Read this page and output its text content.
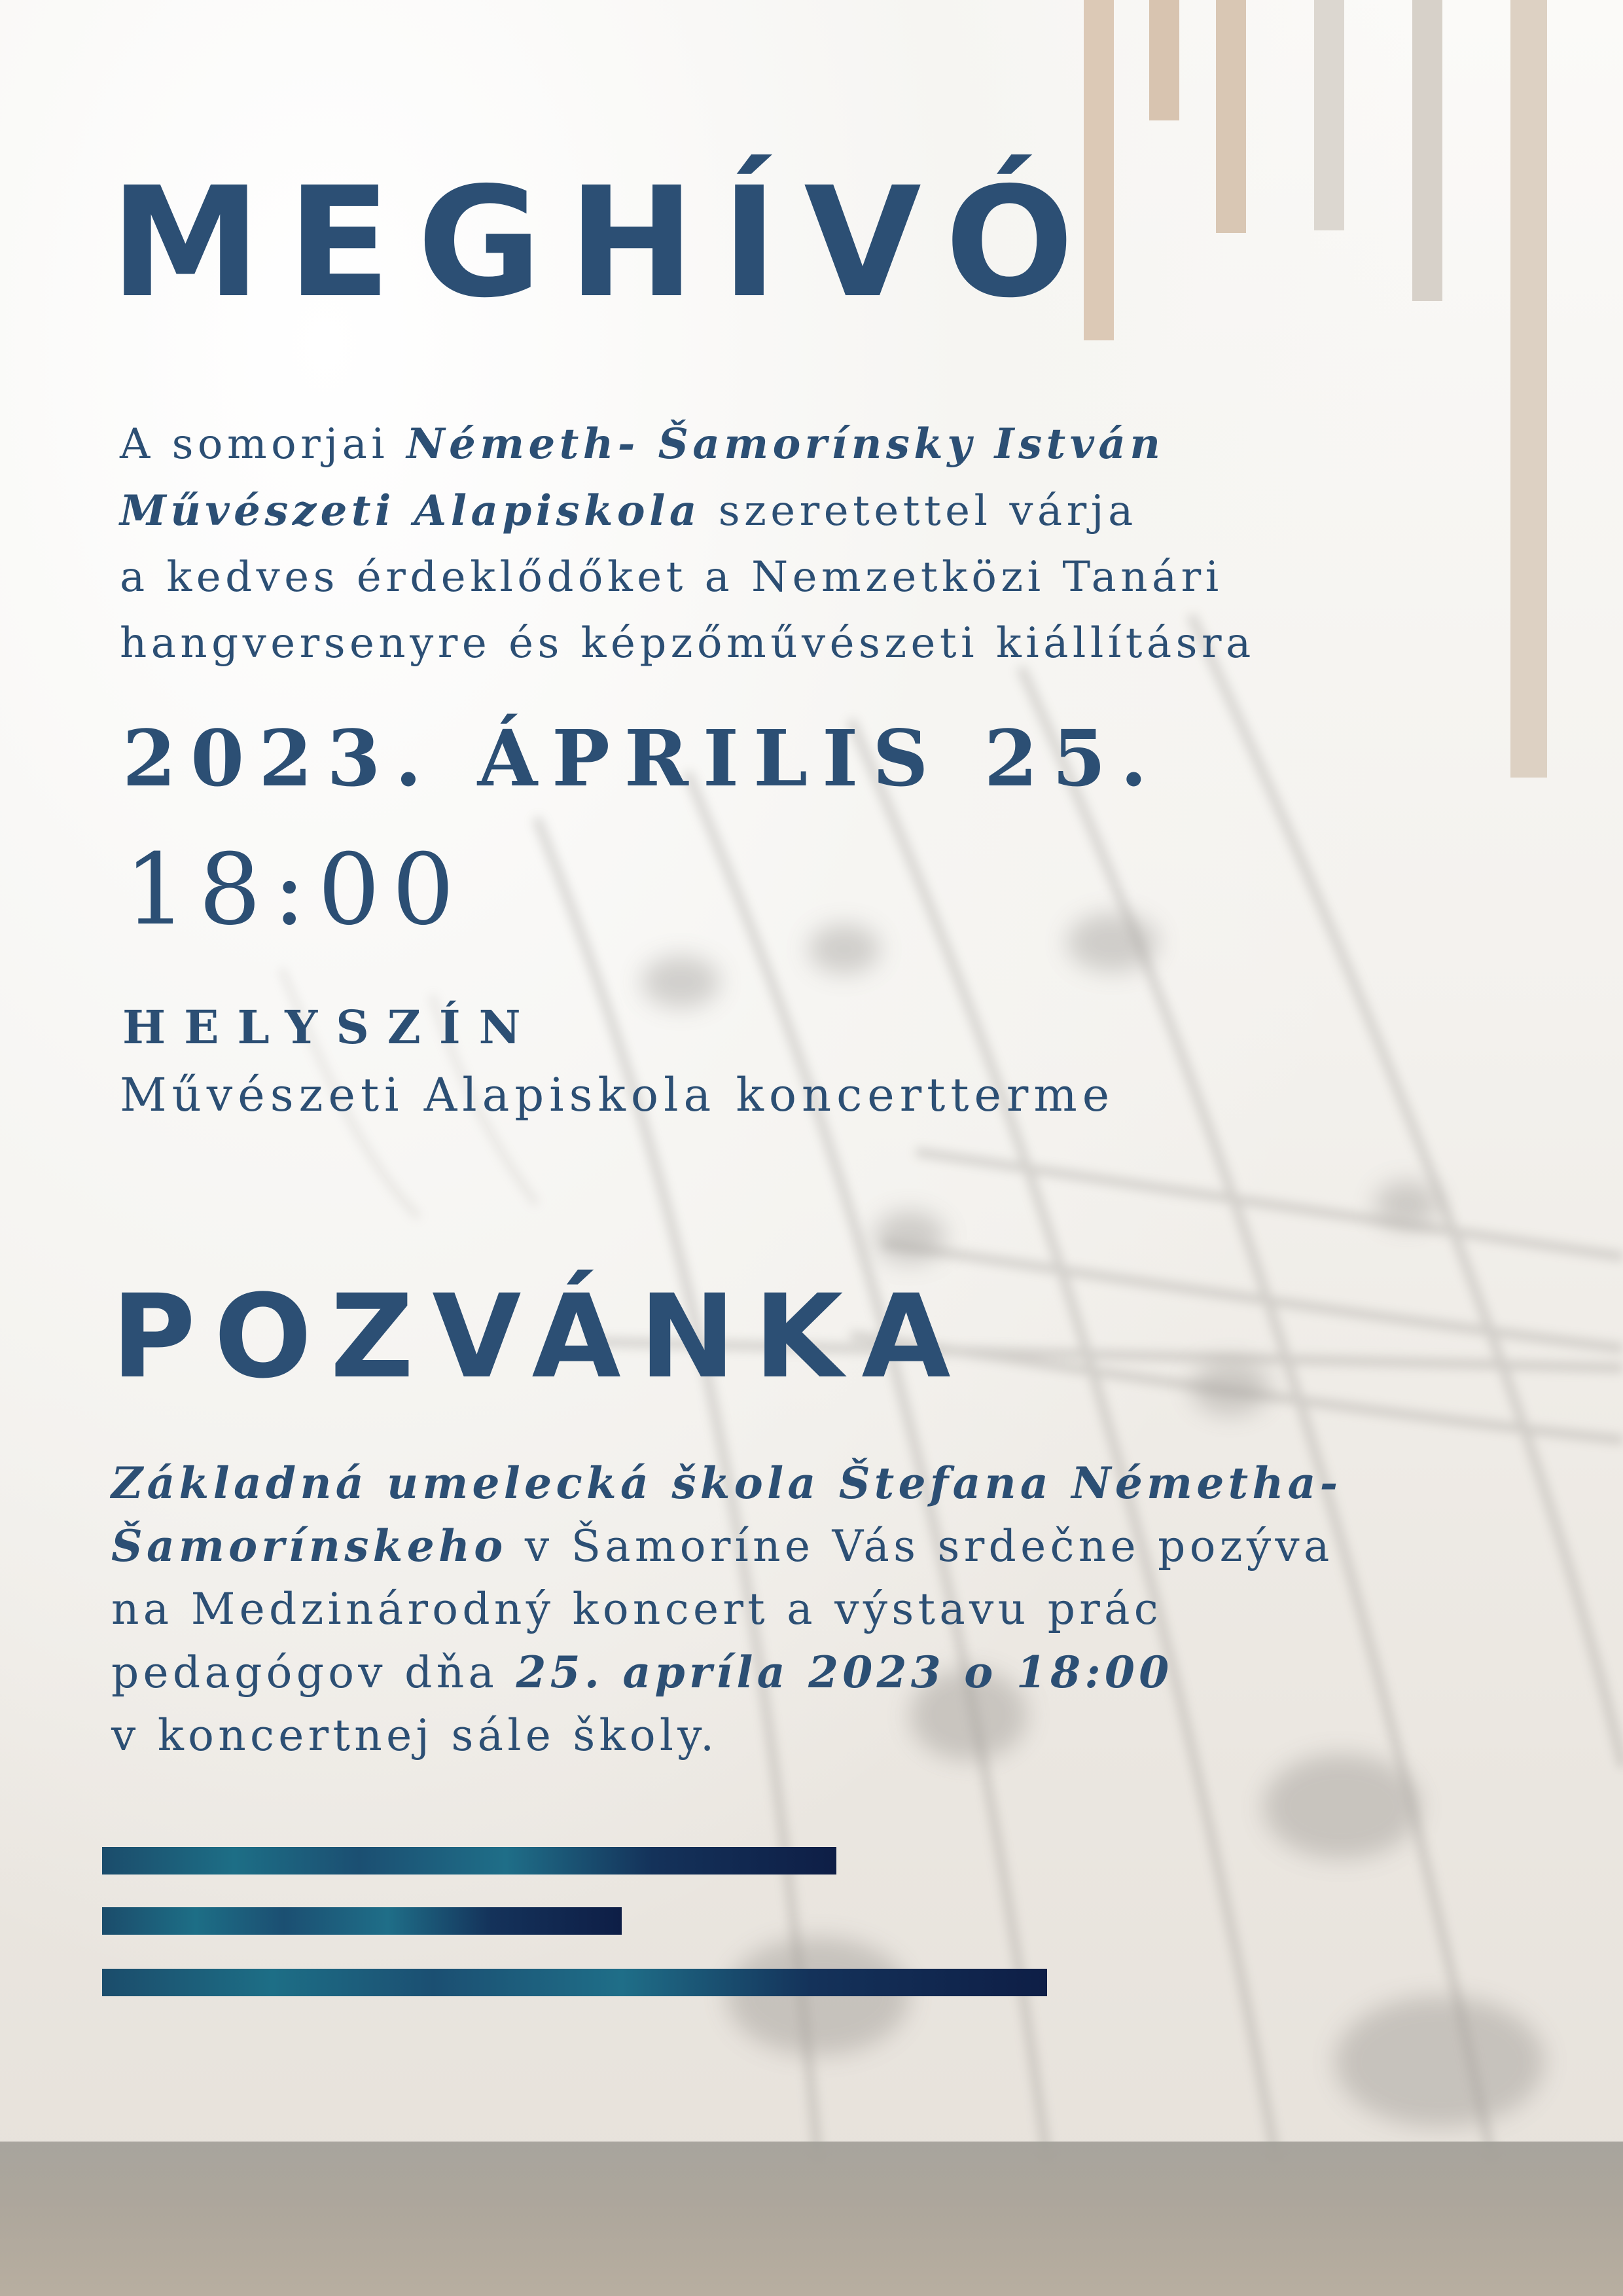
MEGHÍVÓ
A somorjai Németh- Šamorínsky István
Művészeti Alapiskola szeretettel várja
a kedves érdeklődőket a Nemzetközi Tanári
hangversenyre és képzőművészeti kiállításra
2023. ÁPRILIS 25.
18:00
HELYSZÍN
Művészeti Alapiskola koncertterme
POZVÁNKA
Základná umelecká škola Štefana Németha-
Šamorínskeho v Šamoríne Vás srdečne pozýva
na Medzinárodný koncert a výstavu prác
pedagógov dňa 25. apríla 2023 o 18:00
v koncertnej sále školy.
